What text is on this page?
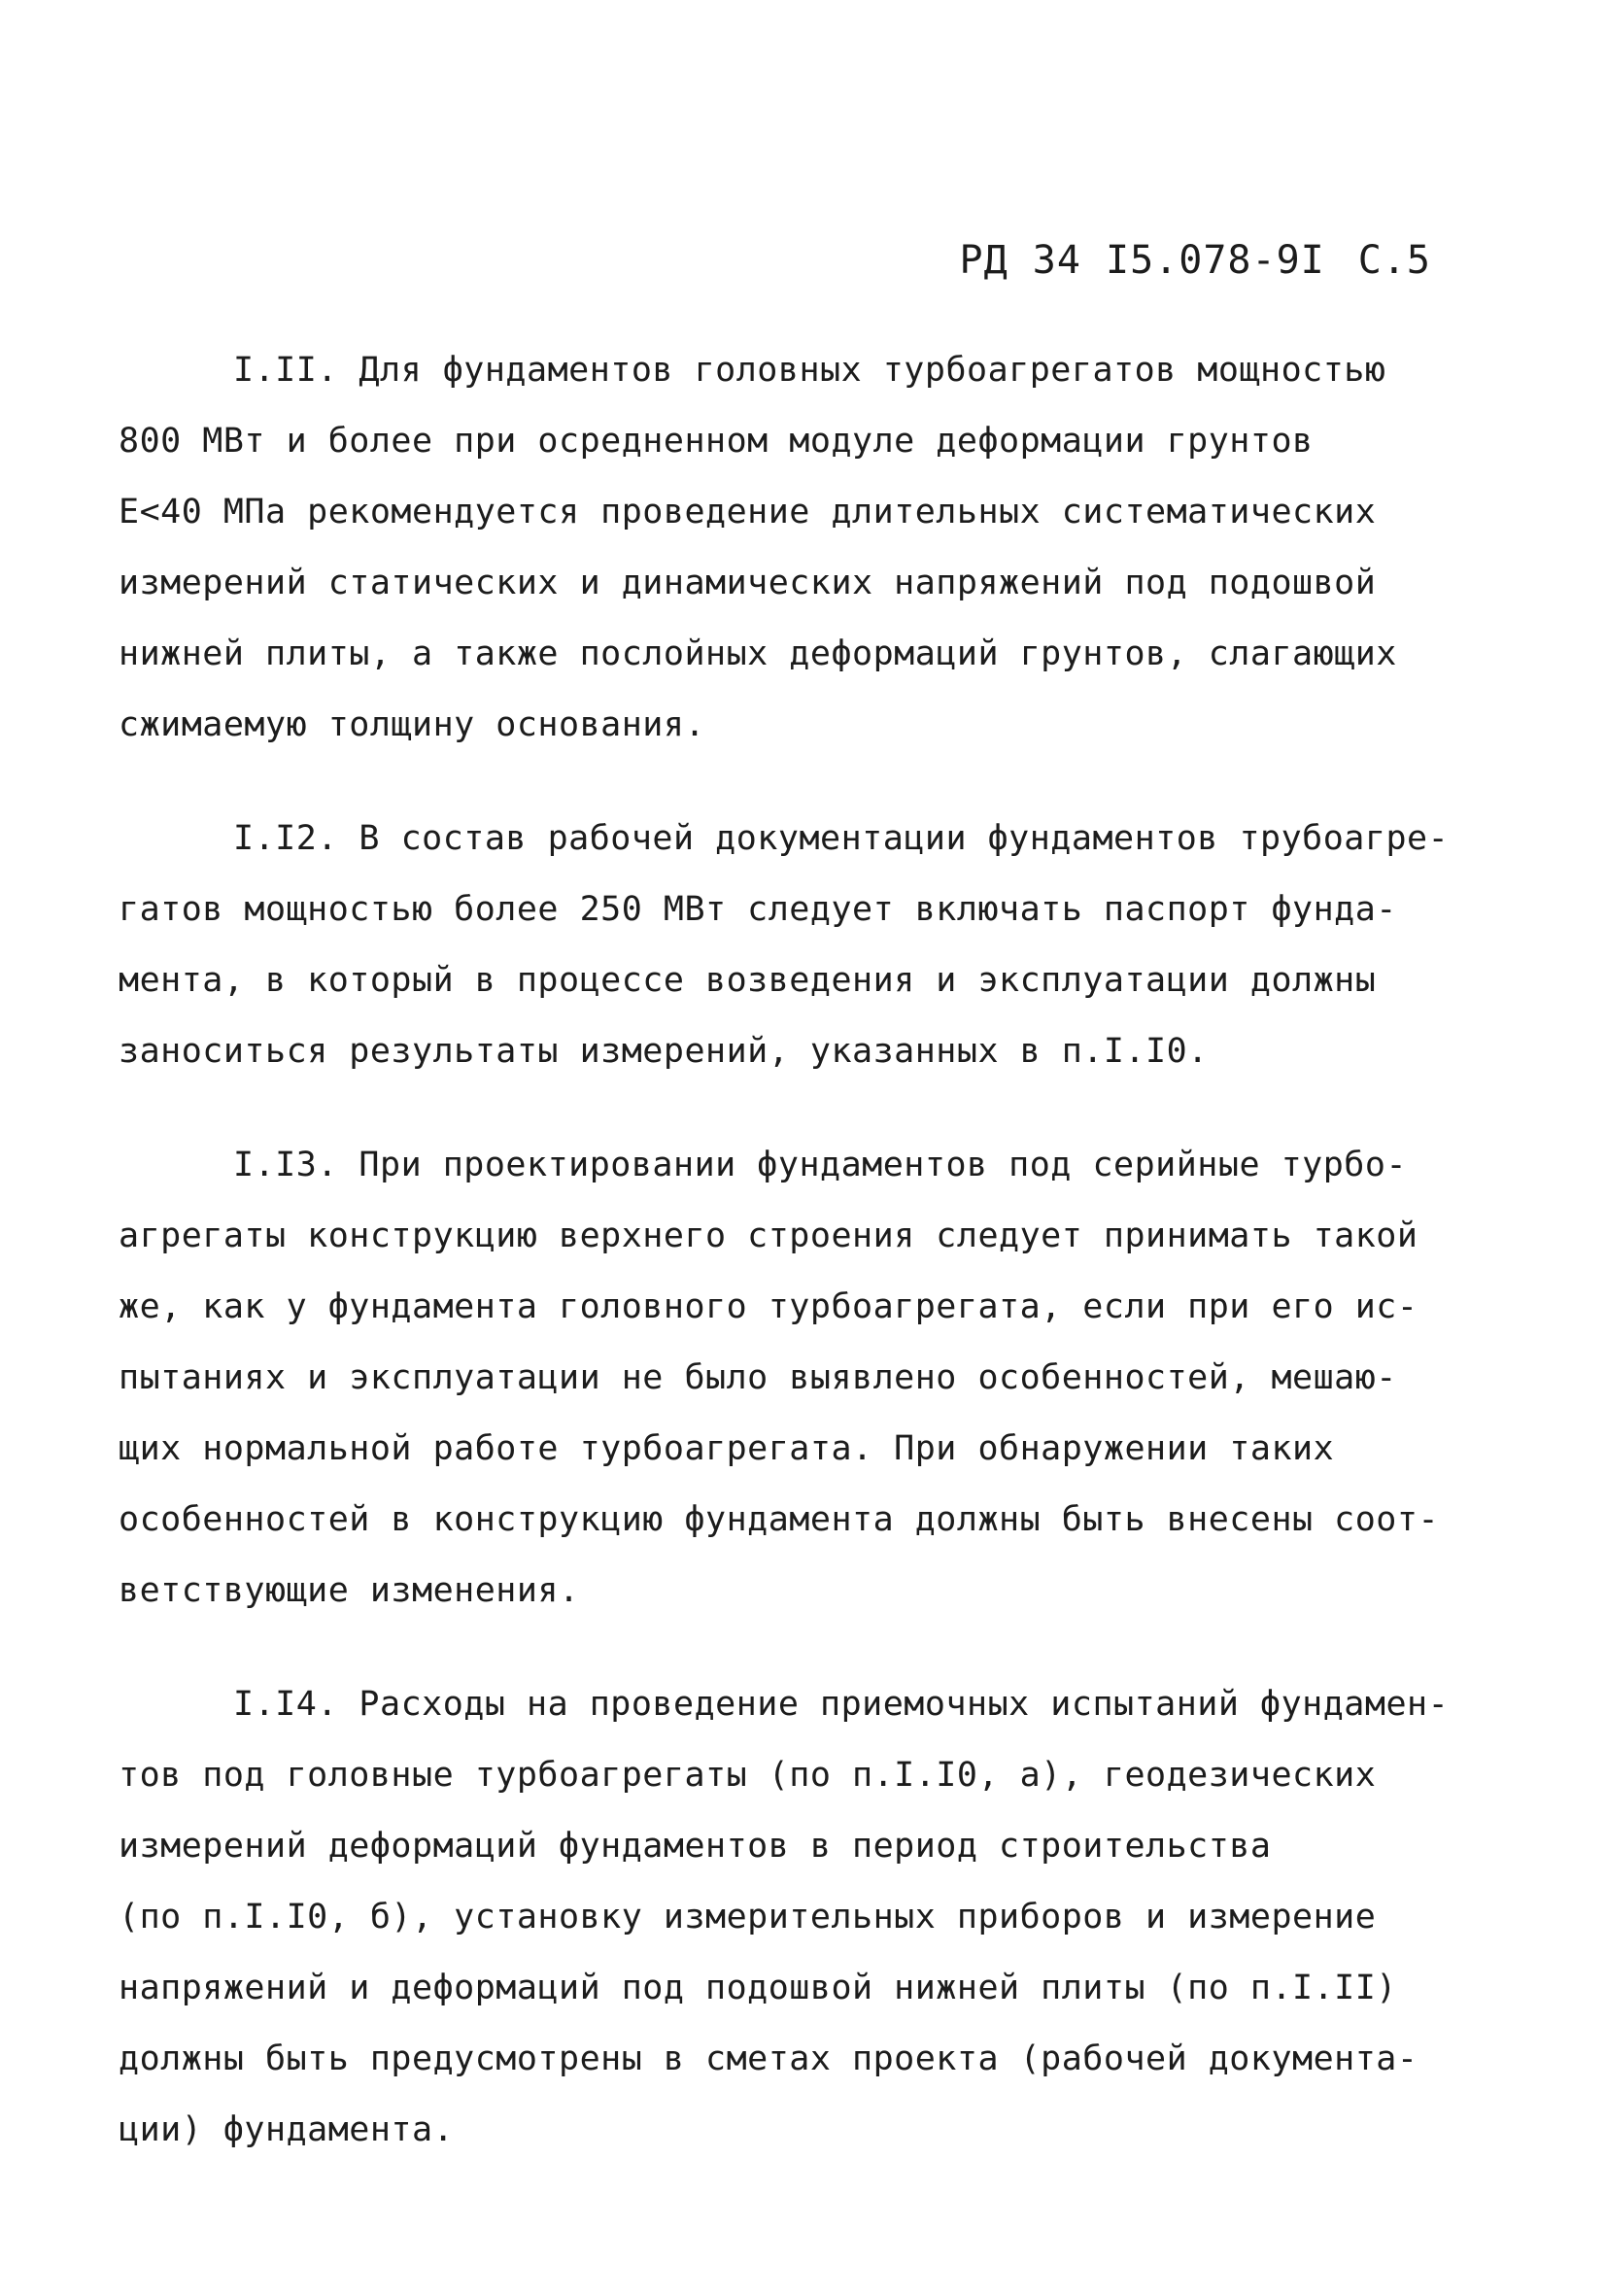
РД 34 I5.078-9I С.5
I.II. Для фундаментов головных турбоагрегатов мощностью
800 МВт и более при осредненном модуле деформации грунтов
Е<40 МПа рекомендуется проведение длительных систематических
измерений статических и динамических напряжений под подошвой
нижней плиты, а также послойных деформаций грунтов, слагающих
сжимаемую толщину основания.
I.I2. В состав рабочей документации фундаментов трубоагре-
гатов мощностью более 250 МВт следует включать паспорт фунда-
мента, в который в процессе возведения и эксплуатации должны
заноситься результаты измерений, указанных в п.I.I0.
I.I3. При проектировании фундаментов под серийные турбо-
агрегаты конструкцию верхнего строения следует принимать такой
же, как у фундамента головного турбоагрегата, если при его ис-
пытаниях и эксплуатации не было выявлено особенностей, мешаю-
щих нормальной работе турбоагрегата. При обнаружении таких
особенностей в конструкцию фундамента должны быть внесены соот-
ветствующие изменения.
I.I4. Расходы на проведение приемочных испытаний фундамен-
тов под головные турбоагрегаты (по п.I.I0, а), геодезических
измерений деформаций фундаментов в период строительства
(по п.I.I0, б), установку измерительных приборов и измерение
напряжений и деформаций под подошвой нижней плиты (по п.I.II)
должны быть предусмотрены в сметах проекта (рабочей документа-
ции) фундамента.
